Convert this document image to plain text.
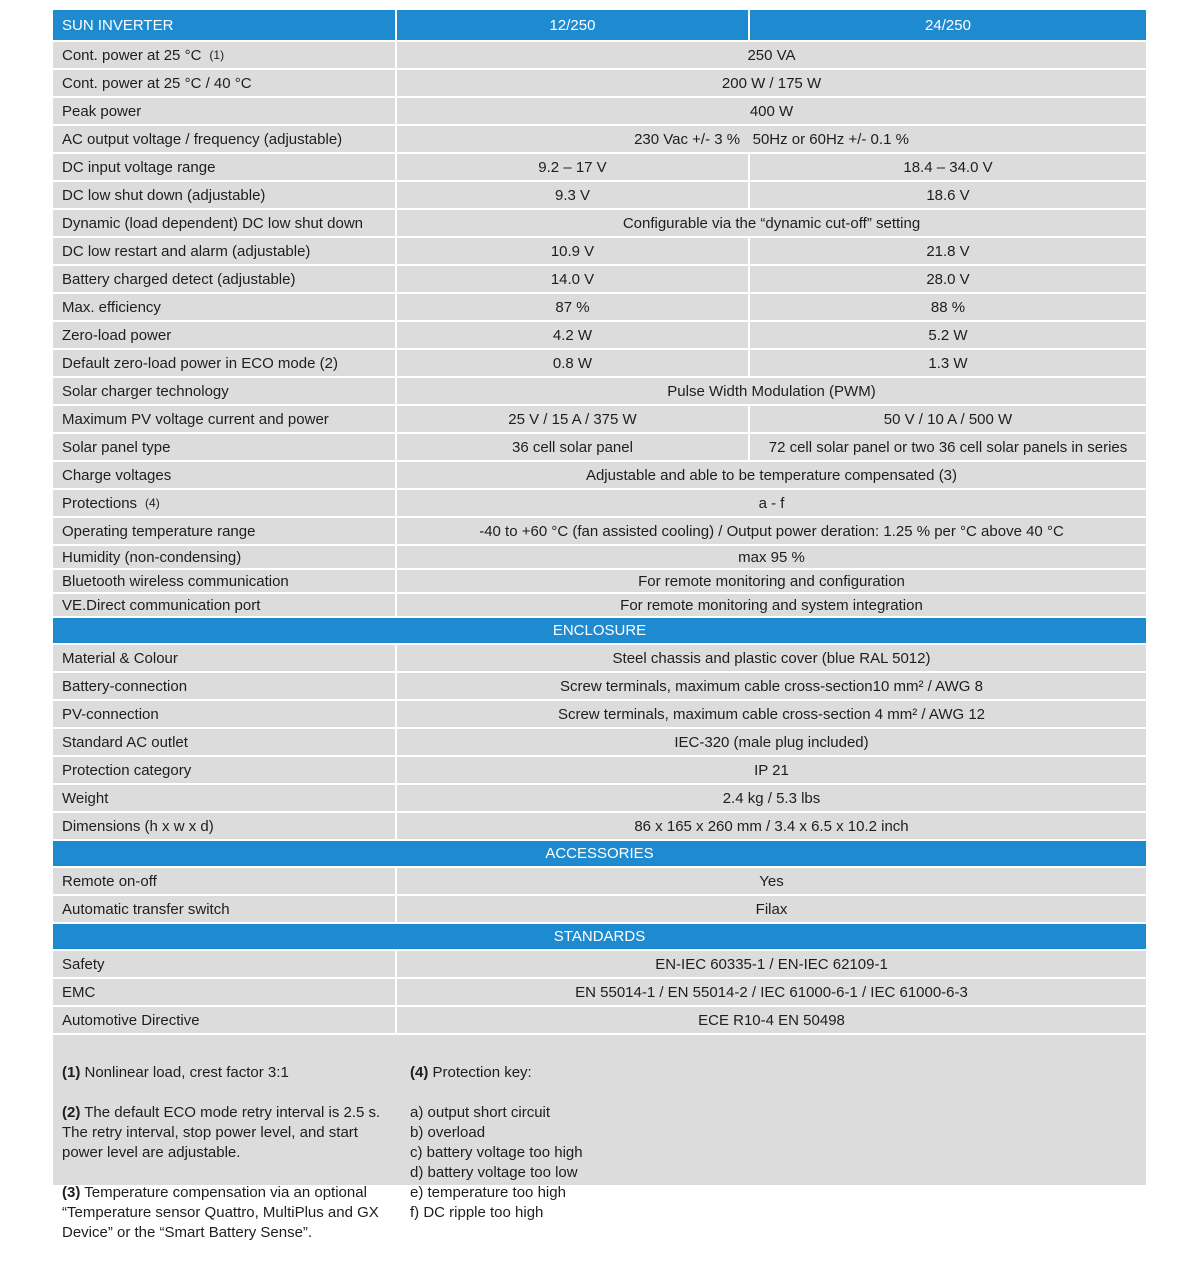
SUN INVERTER	12/250	24/250
Cont. power at 25 °C (1)	250 VA
Cont. power at 25 °C / 40 °C	200 W / 175 W
Peak power	400 W
AC output voltage / frequency (adjustable)	230 Vac +/- 3 %   50Hz or 60Hz +/- 0.1 %
DC input voltage range	9.2 – 17 V	18.4 – 34.0 V
DC low shut down (adjustable)	9.3 V	18.6 V
Dynamic (load dependent) DC low shut down	Configurable via the “dynamic cut-off” setting
DC low restart and alarm (adjustable)	10.9 V	21.8 V
Battery charged detect (adjustable)	14.0 V	28.0 V
Max. efficiency	87 %	88 %
Zero-load power	4.2 W	5.2 W
Default zero-load power in ECO mode (2)	0.8 W	1.3 W
Solar charger technology	Pulse Width Modulation (PWM)
Maximum PV voltage current and power	25 V / 15 A / 375 W	50 V / 10 A / 500 W
Solar panel type	36 cell solar panel	72 cell solar panel or two 36 cell solar panels in series
Charge voltages	Adjustable and able to be temperature compensated (3)
Protections (4)	a - f
Operating temperature range	-40 to +60 °C (fan assisted cooling) / Output power deration: 1.25 % per °C above 40 °C
Humidity (non-condensing)	max 95 %
Bluetooth wireless communication	For remote monitoring and configuration
VE.Direct communication port	For remote monitoring and system integration
ENCLOSURE
Material & Colour	Steel chassis and plastic cover (blue RAL 5012)
Battery-connection	Screw terminals, maximum cable cross-section10 mm² / AWG 8
PV-connection	Screw terminals, maximum cable cross-section 4 mm² / AWG 12
Standard AC outlet	IEC-320 (male plug included)
Protection category	IP 21
Weight	2.4 kg / 5.3 lbs
Dimensions (h x w x d)	86 x 165 x 260 mm / 3.4 x 6.5 x 10.2 inch
ACCESSORIES
Remote on-off	Yes
Automatic transfer switch	Filax
STANDARDS
Safety	EN-IEC 60335-1 / EN-IEC 62109-1
EMC	EN 55014-1 / EN 55014-2 / IEC 61000-6-1 / IEC 61000-6-3
Automotive Directive	ECE R10-4 EN 50498

(1) Nonlinear load, crest factor 3:1

(2) The default ECO mode retry interval is 2.5 s. The retry interval, stop power level, and start power level are adjustable.

(3) Temperature compensation via an optional “Temperature sensor Quattro, MultiPlus and GX Device” or the “Smart Battery Sense”.

(4) Protection key:

a) output short circuit

b) overload

c) battery voltage too high

d) battery voltage too low

e) temperature too high

f) DC ripple too high
